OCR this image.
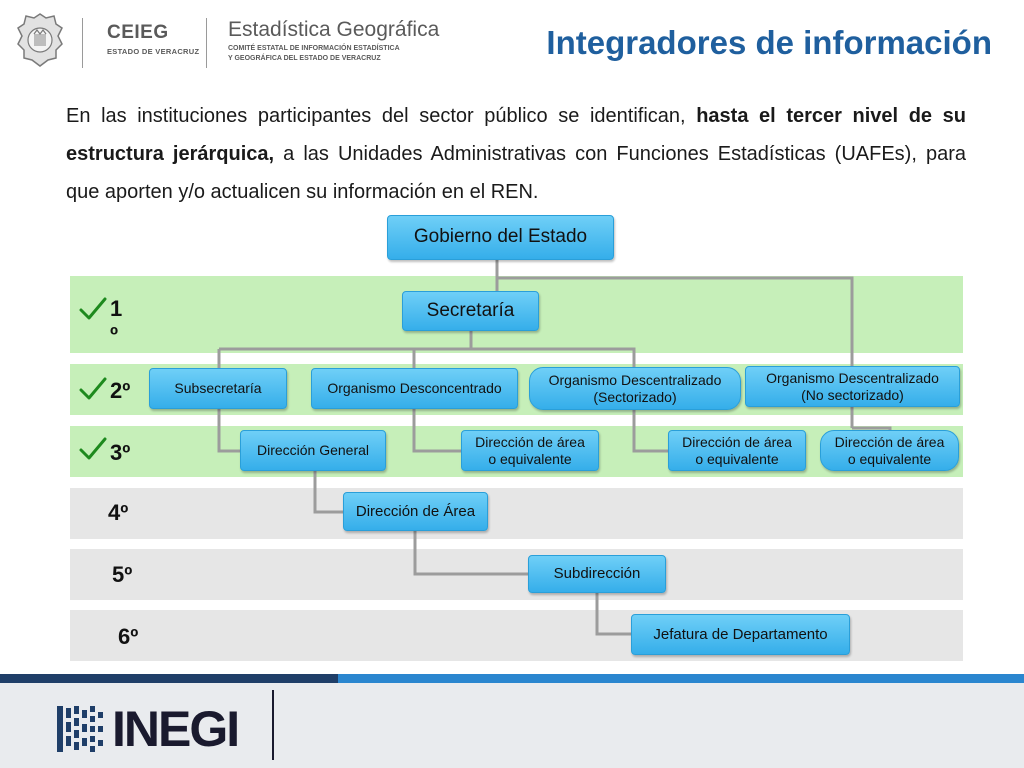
CEIEG
ESTADO DE VERACRUZ
Estadística Geográfica
COMITÉ ESTATAL DE INFORMACIÓN ESTADÍSTICA
Y GEOGRÁFICA DEL ESTADO DE VERACRUZ	Integradores de información

En las instituciones participantes del sector público se identifican, hasta el tercer nivel de su estructura jerárquica, a las Unidades Administrativas con Funciones Estadísticas (UAFEs), para que aporten y/o actualicen su información en el REN.

1º
2º
3º
4º
5º
6º
Gobierno del Estado
Secretaría
Subsecretaría	Organismo Desconcentrado
Organismo Descentralizado
(Sectorizado)
Organismo Descentralizado
(No sectorizado)
Dirección General
Dirección de área
o equivalente
Dirección de área
o equivalente
Dirección de área
o equivalente
Dirección de Área
Subdirección
Jefatura de Departamento
INEGI
